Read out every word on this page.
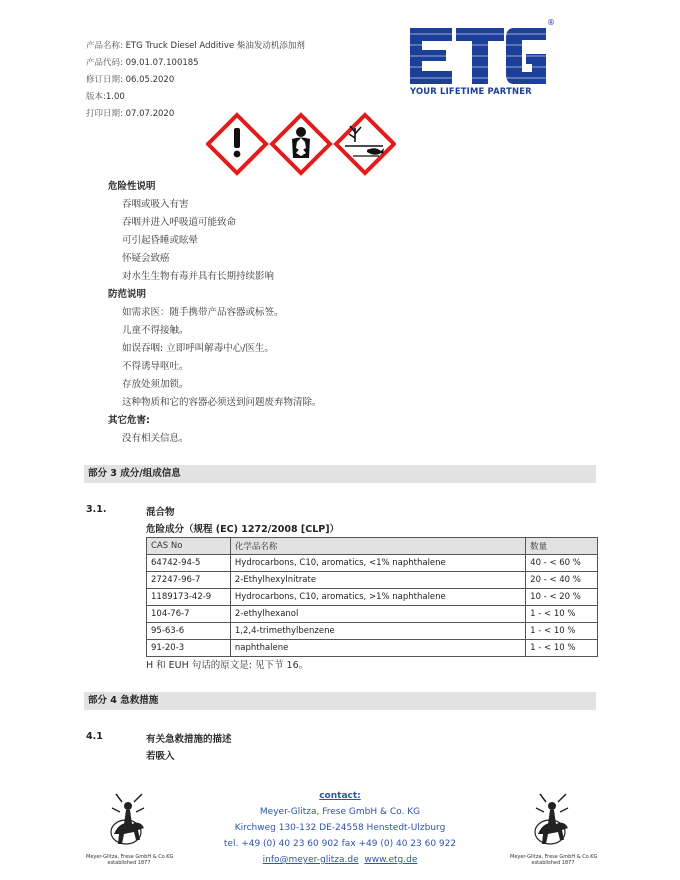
产品名称: ETG Truck Diesel Additive 柴油发动机添加剂
产品代码: 09.01.07.100185
修订日期: 06.05.2020
版本:1.00
打印日期: 07.07.2020
®
YOUR LIFETIME PARTNER
危险性说明
吞咽或吸入有害
吞咽并进入呼吸道可能致命
可引起昏睡或眩晕
怀疑会致癌
对水生生物有毒并具有长期持续影响
防范说明
如需求医：随手携带产品容器或标签。
儿童不得接触。
如误吞咽: 立即呼叫解毒中心/医生。
不得诱导呕吐。
存放处须加锁。
这种物质和它的容器必须送到问题废弃物清除。
其它危害:
没有相关信息。
部分 3 成分/组成信息
3.1.	混合物
危险成分（规程 (EC) 1272/2008 [CLP]）
CAS No	化学品名称	数量
64742-94-5	Hydrocarbons, C10, aromatics, <1% naphthalene	40 - < 60 %
27247-96-7	2-Ethylhexylnitrate	20 - < 40 %
1189173-42-9	Hydrocarbons, C10, aromatics, >1% naphthalene	10 - < 20 %
104-76-7	2-ethylhexanol	1 - < 10 %
95-63-6	1,2,4-trimethylbenzene	1 - < 10 %
91-20-3	naphthalene	1 - < 10 %
H 和 EUH 句话的原文是: 见下节 16。
部分 4 急救措施
4.1	有关急救措施的描述
若吸入
Meyer-Glitza, Frese GmbH & Co.KG
established 1877
contact:
Meyer-Glitza, Frese GmbH & Co. KG
Kirchweg 130-132 DE-24558 Henstedt-Ulzburg
tel. +49 (0) 40 23 60 902 fax +49 (0) 40 23 60 922
info@meyer-glitza.de www.etg.de	Meyer-Glitza, Frese GmbH & Co.KG
established 1877
